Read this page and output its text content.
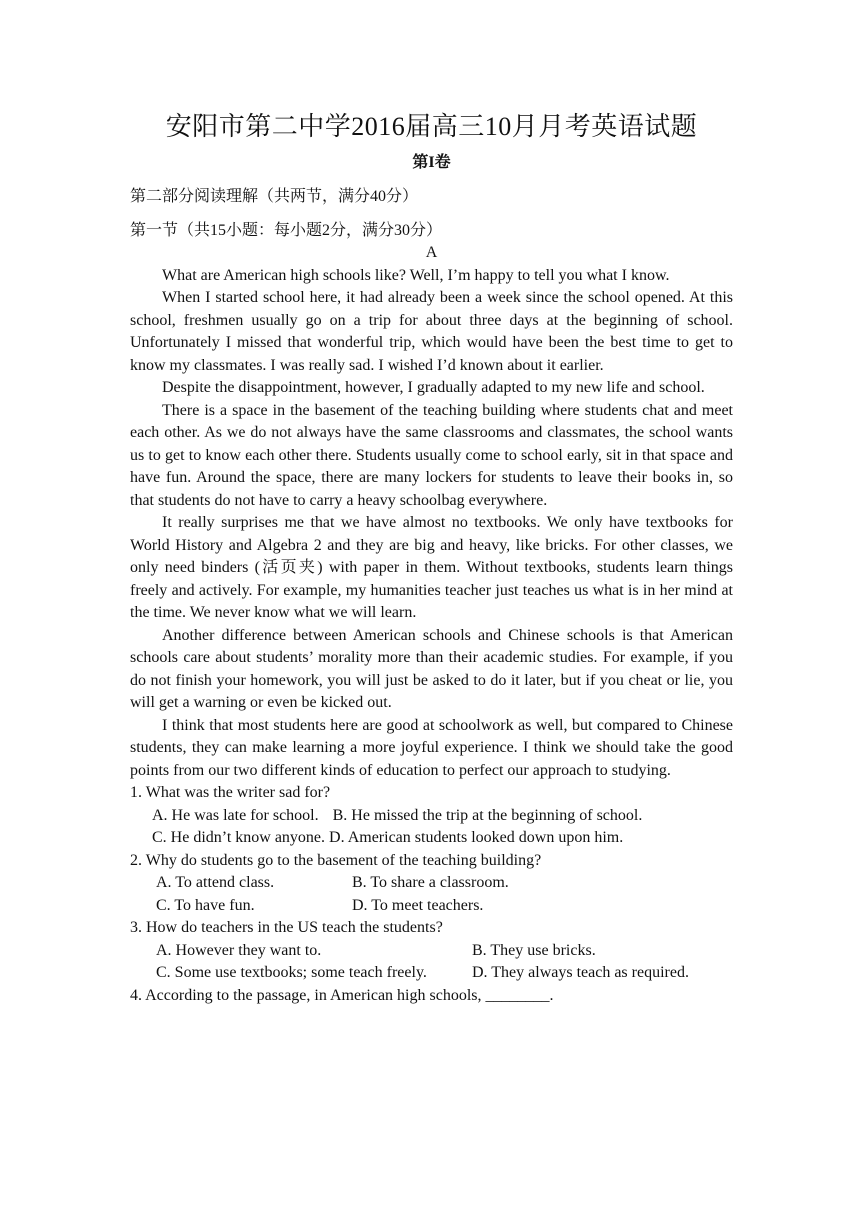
安阳市第二中学2016届高三10月月考英语试题
第I卷

第二部分阅读理解（共两节，满分40分）

第一节（共15小题：每小题2分，满分30分）

A

What are American high schools like? Well, I’m happy to tell you what I know.

When I started school here, it had already been a week since the school opened. At this school, freshmen usually go on a trip for about three days at the beginning of school. Unfortunately I missed that wonderful trip, which would have been the best time to get to know my classmates. I was really sad. I wished I’d known about it earlier.

Despite the disappointment, however, I gradually adapted to my new life and school.

There is a space in the basement of the teaching building where students chat and meet each other. As we do not always have the same classrooms and classmates, the school wants us to get to know each other there. Students usually come to school early, sit in that space and have fun. Around the space, there are many lockers for students to leave their books in, so that students do not have to carry a heavy schoolbag everywhere.

It really surprises me that we have almost no textbooks. We only have textbooks for World History and Algebra 2 and they are big and heavy, like bricks. For other classes, we only need binders (活页夹) with paper in them. Without textbooks, students learn things freely and actively. For example, my humanities teacher just teaches us what is in her mind at the time. We never know what we will learn.

Another difference between American schools and Chinese schools is that American schools care about students’ morality more than their academic studies. For example, if you do not finish your homework, you will just be asked to do it later, but if you cheat or lie, you will get a warning or even be kicked out.

I think that most students here are good at schoolwork as well, but compared to Chinese students, they can make learning a more joyful experience. I think we should take the good points from our two different kinds of education to perfect our approach to studying.

1. What was the writer sad for?

A. He was late for school. B. He missed the trip at the beginning of school.
C. He didn’t know anyone.
D. American students looked down upon him.

2. Why do students go to the basement of the teaching building?

A. To attend class.	B. To share a classroom.
C. To have fun.	D. To meet teachers.

3. How do teachers in the US teach the students?

A. However they want to.	B. They use bricks.
C. Some use textbooks; some teach freely.	D. They always teach as required.

4. According to the passage, in American high schools, ________.
